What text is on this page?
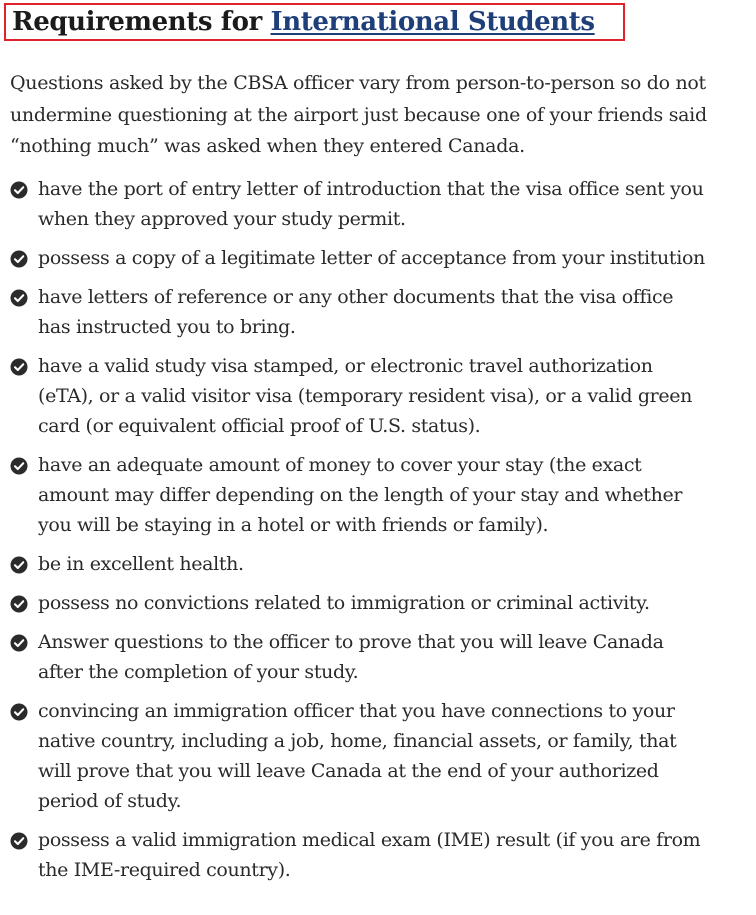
Requirements for International Students

Questions asked by the CBSA officer vary from person-to-person so do not undermine questioning at the airport just because one of your friends said “nothing much” was asked when they entered Canada.

have the port of entry letter of introduction that the visa office sent you when they approved your study permit.
possess a copy of a legitimate letter of acceptance from your institution
have letters of reference or any other documents that the visa office has instructed you to bring.
have a valid study visa stamped, or electronic travel authorization (eTA), or a valid visitor visa (temporary resident visa), or a valid green card (or equivalent official proof of U.S. status).
have an adequate amount of money to cover your stay (the exact amount may differ depending on the length of your stay and whether you will be staying in a hotel or with friends or family).
be in excellent health.
possess no convictions related to immigration or criminal activity.
Answer questions to the officer to prove that you will leave Canada after the completion of your study.
convincing an immigration officer that you have connections to your native country, including a job, home, financial assets, or family, that will prove that you will leave Canada at the end of your authorized period of study.
possess a valid immigration medical exam (IME) result (if you are from the IME-required country).
